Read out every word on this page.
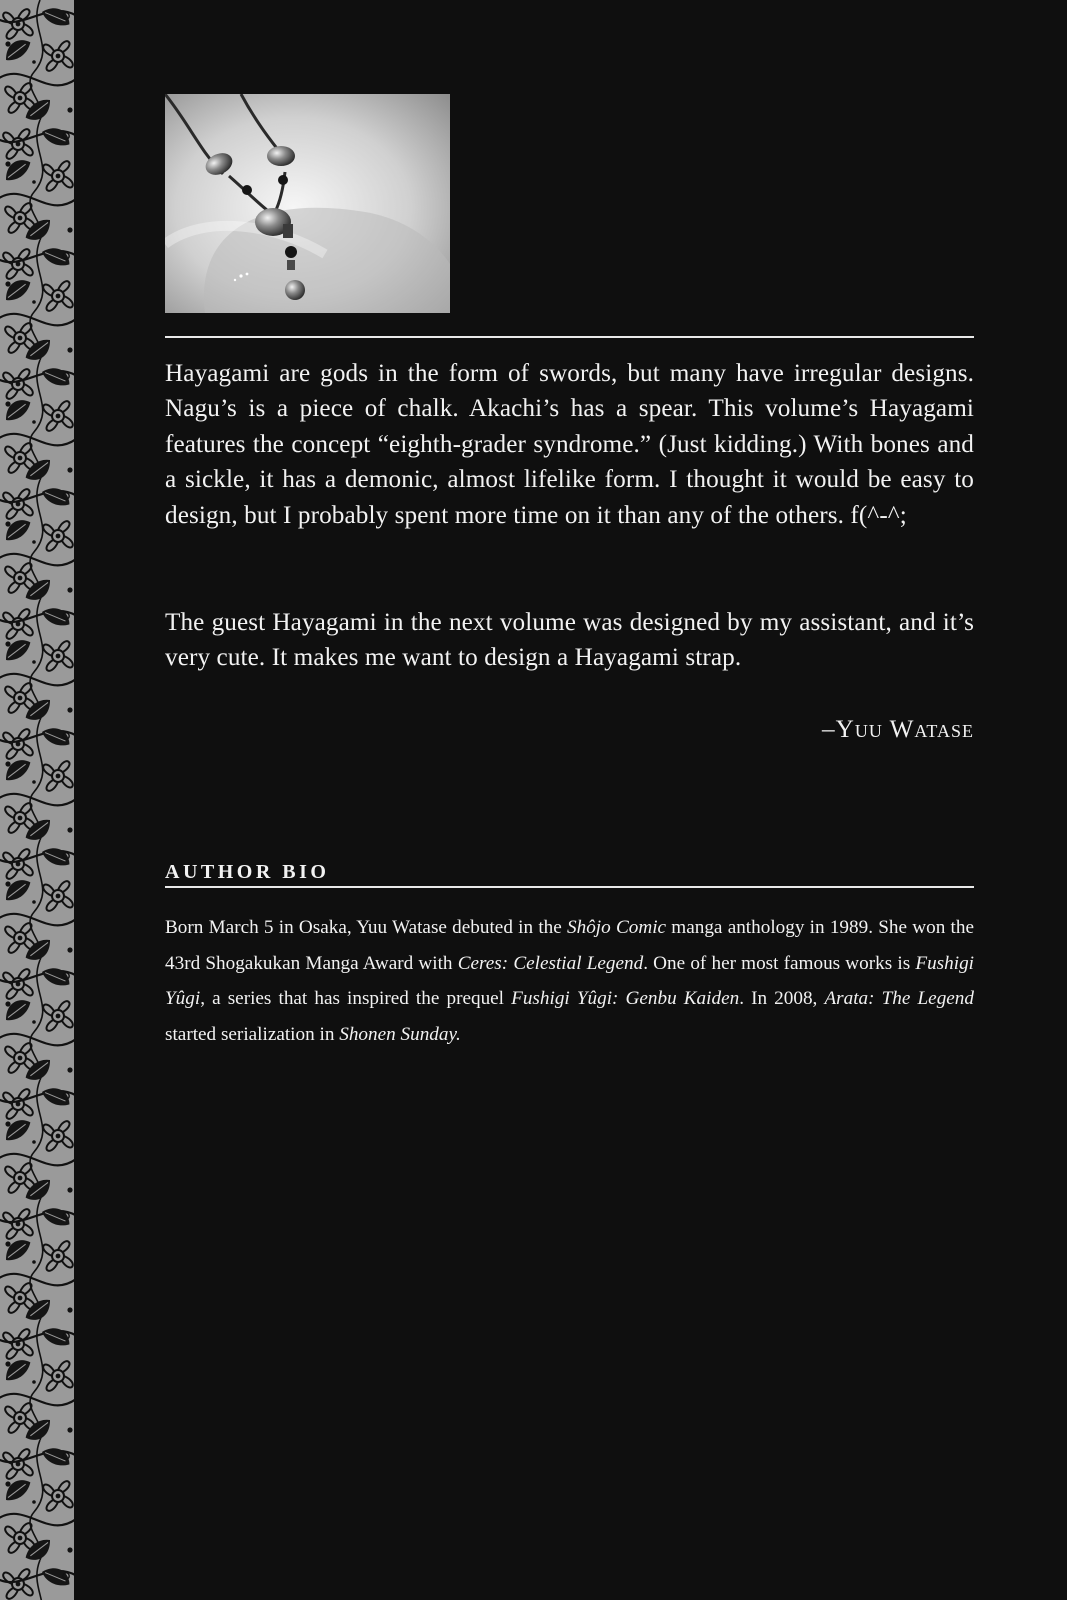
Hayagami are gods in the form of swords, but many have irregular designs. Nagu’s is a piece of chalk. Akachi’s has a spear. This volume’s Hayagami features the concept “eighth-grader syndrome.” (Just kidding.) With bones and a sickle, it has a demonic, almost lifelike form. I thought it would be easy to design, but I probably spent more time on it than any of the others. f(^-^;

The guest Hayagami in the next volume was designed by my assistant, and it’s very cute. It makes me want to design a Hayagami strap.

–Yuu Watase

AUTHOR BIO

Born March 5 in Osaka, Yuu Watase debuted in the Shôjo Comic manga anthology in 1989. She won the 43rd Shogakukan Manga Award with Ceres: Celestial Legend. One of her most famous works is Fushigi Yûgi, a series that has inspired the prequel Fushigi Yûgi: Genbu Kaiden. In 2008, Arata: The Legend started serialization in Shonen Sunday.
